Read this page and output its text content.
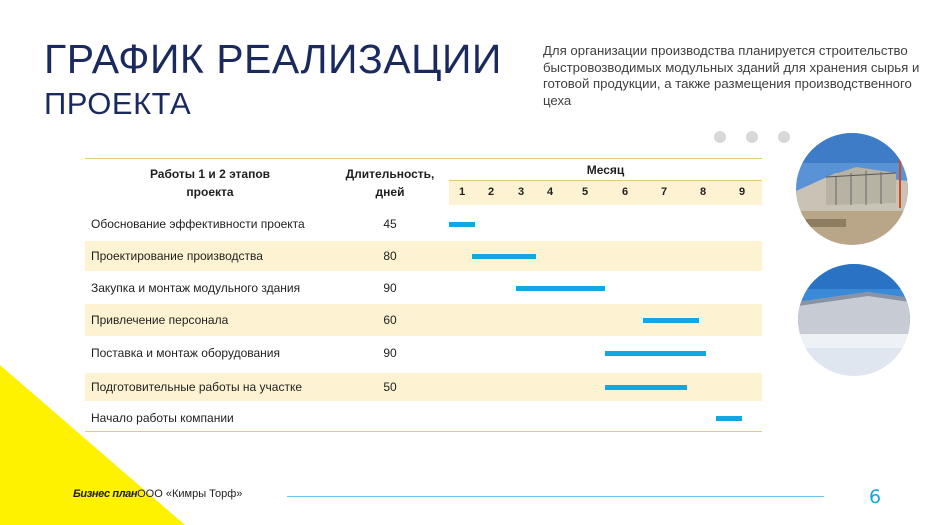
ГРАФИК РЕАЛИЗАЦИИ
ПРОЕКТА
Для организации производства планируется строительство быстровозводимых модульных зданий для хранения сырья и готовой продукции, а также размещения производственного цеха
Работы 1 и 2 этапов
проекта
Длительность,
дней
Месяц
1	2	3	4	5	6	7	8	9
Обоснование эффективности проекта	45
Проектирование производства	80
Закупка и монтаж модульного здания	90
Привлечение персонала	60
Поставка и монтаж оборудования	90
Подготовительные работы на участке	50
Начало работы компании
Бизнес планООО «Кимры Торф»	6
